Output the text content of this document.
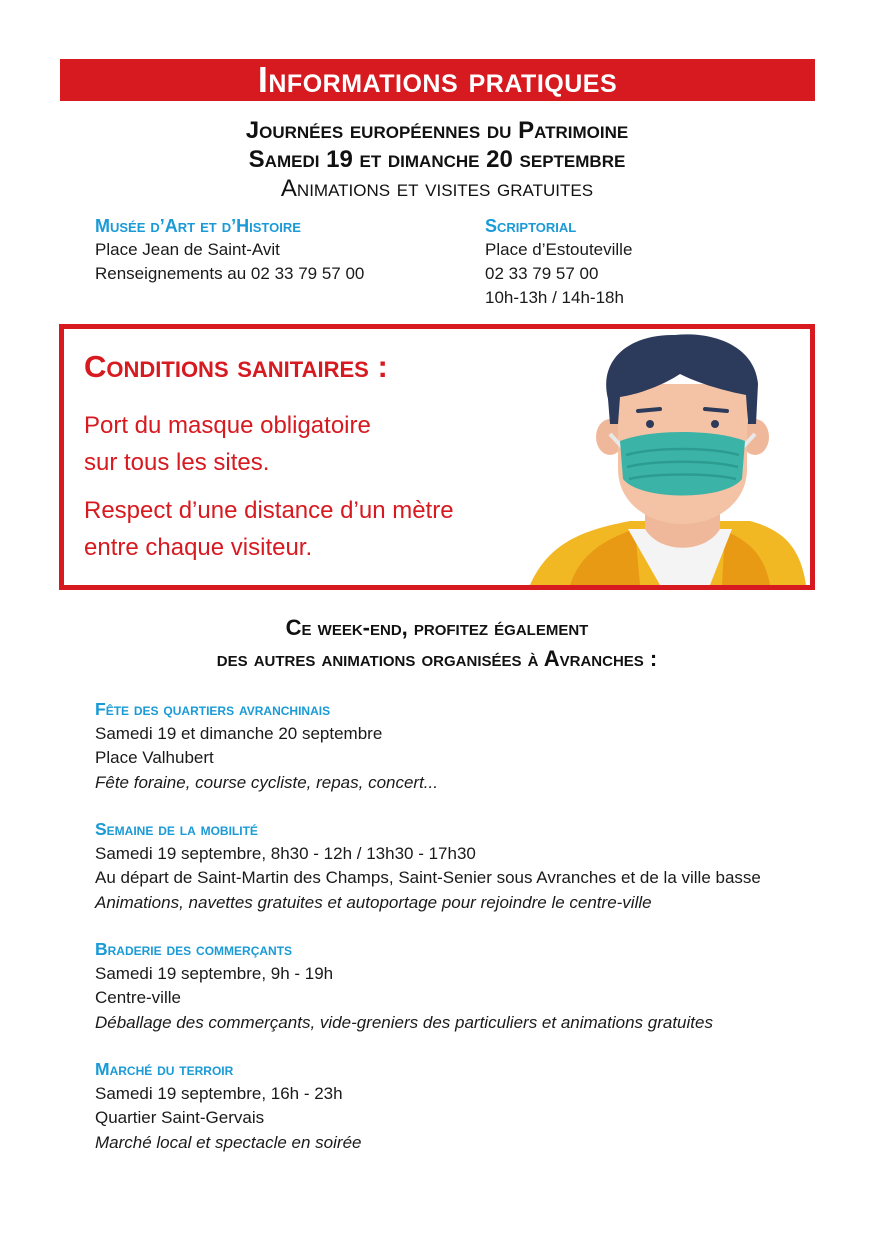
Informations pratiques
Journées européennes du Patrimoine
Samedi 19 et dimanche 20 septembre
Animations et visites gratuites
Musée d’Art et d’Histoire
Place Jean de Saint-Avit
Renseignements au 02 33 79 57 00
Scriptorial
Place d’Estouteville
02 33 79 57 00
10h-13h / 14h-18h
Conditions sanitaires :
Port du masque obligatoire
sur tous les sites.
Respect d’une distance d’un mètre
entre chaque visiteur.
Ce week-end, profitez également
des autres animations organisées à Avranches :
Fête des quartiers avranchinais
Samedi 19 et dimanche 20 septembre
Place Valhubert
Fête foraine, course cycliste, repas, concert...
Semaine de la mobilité
Samedi 19 septembre, 8h30 - 12h / 13h30 - 17h30
Au départ de Saint-Martin des Champs, Saint-Senier sous Avranches et de la ville basse
Animations, navettes gratuites et autoportage pour rejoindre le centre-ville
Braderie des commerçants
Samedi 19 septembre, 9h - 19h
Centre-ville
Déballage des commerçants, vide-greniers des particuliers et animations gratuites
Marché du terroir
Samedi 19 septembre, 16h - 23h
Quartier Saint-Gervais
Marché local et spectacle en soirée
